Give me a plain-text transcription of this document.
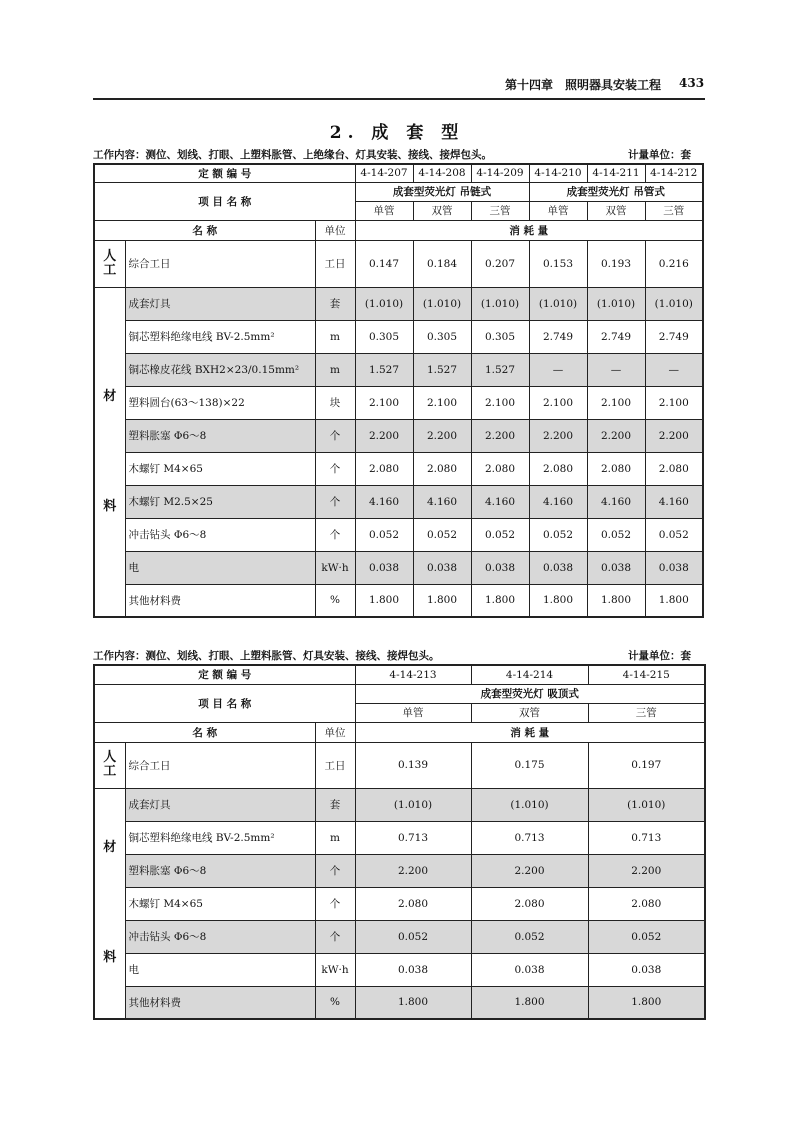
第十四章 照明器具安装工程 433
2. 成 套 型
工作内容：测位、划线、打眼、上塑料胀管、上绝缘台、灯具安装、接线、接焊包头。	计量单位：套
定 额 编 号			4-14-207	4-14-208	4-14-209	4-14-210	4-14-211	4-14-212
项 目 名 称			成套型荧光灯 吊链式			成套型荧光灯 吊管式		
			单管	双管	三管	单管	双管	三管
名 称		单位	消 耗 量					

人
工	综合工日	工日	0.147	0.184	0.207	0.153	0.193	0.216

材
料	成套灯具	套	(1.010)	(1.010)	(1.010)	(1.010)	(1.010)	(1.010)
	铜芯塑料绝缘电线 BV-2.5mm²	m	0.305	0.305	0.305	2.749	2.749	2.749
	铜芯橡皮花线 BXH2×23/0.15mm²	m	1.527	1.527	1.527	—	—	—
	塑料圆台(63～138)×22	块	2.100	2.100	2.100	2.100	2.100	2.100
	塑料胀塞 Φ6～8	个	2.200	2.200	2.200	2.200	2.200	2.200
	木螺钉 M4×65	个	2.080	2.080	2.080	2.080	2.080	2.080
	木螺钉 M2.5×25	个	4.160	4.160	4.160	4.160	4.160	4.160
	冲击钻头 Φ6～8	个	0.052	0.052	0.052	0.052	0.052	0.052
	电	kW·h	0.038	0.038	0.038	0.038	0.038	0.038
	其他材料费	%	1.800	1.800	1.800	1.800	1.800	1.800
工作内容：测位、划线、打眼、上塑料胀管、灯具安装、接线、接焊包头。	计量单位：套
定 额 编 号			4-14-213	4-14-214	4-14-215
项 目 名 称			成套型荧光灯 吸顶式		
			单管	双管	三管
名 称		单位	消 耗 量		

人
工	综合工日	工日	0.139	0.175	0.197

材
料	成套灯具	套	(1.010)	(1.010)	(1.010)
	铜芯塑料绝缘电线 BV-2.5mm²	m	0.713	0.713	0.713
	塑料胀塞 Φ6～8	个	2.200	2.200	2.200
	木螺钉 M4×65	个	2.080	2.080	2.080
	冲击钻头 Φ6～8	个	0.052	0.052	0.052
	电	kW·h	0.038	0.038	0.038
	其他材料费	%	1.800	1.800	1.800
